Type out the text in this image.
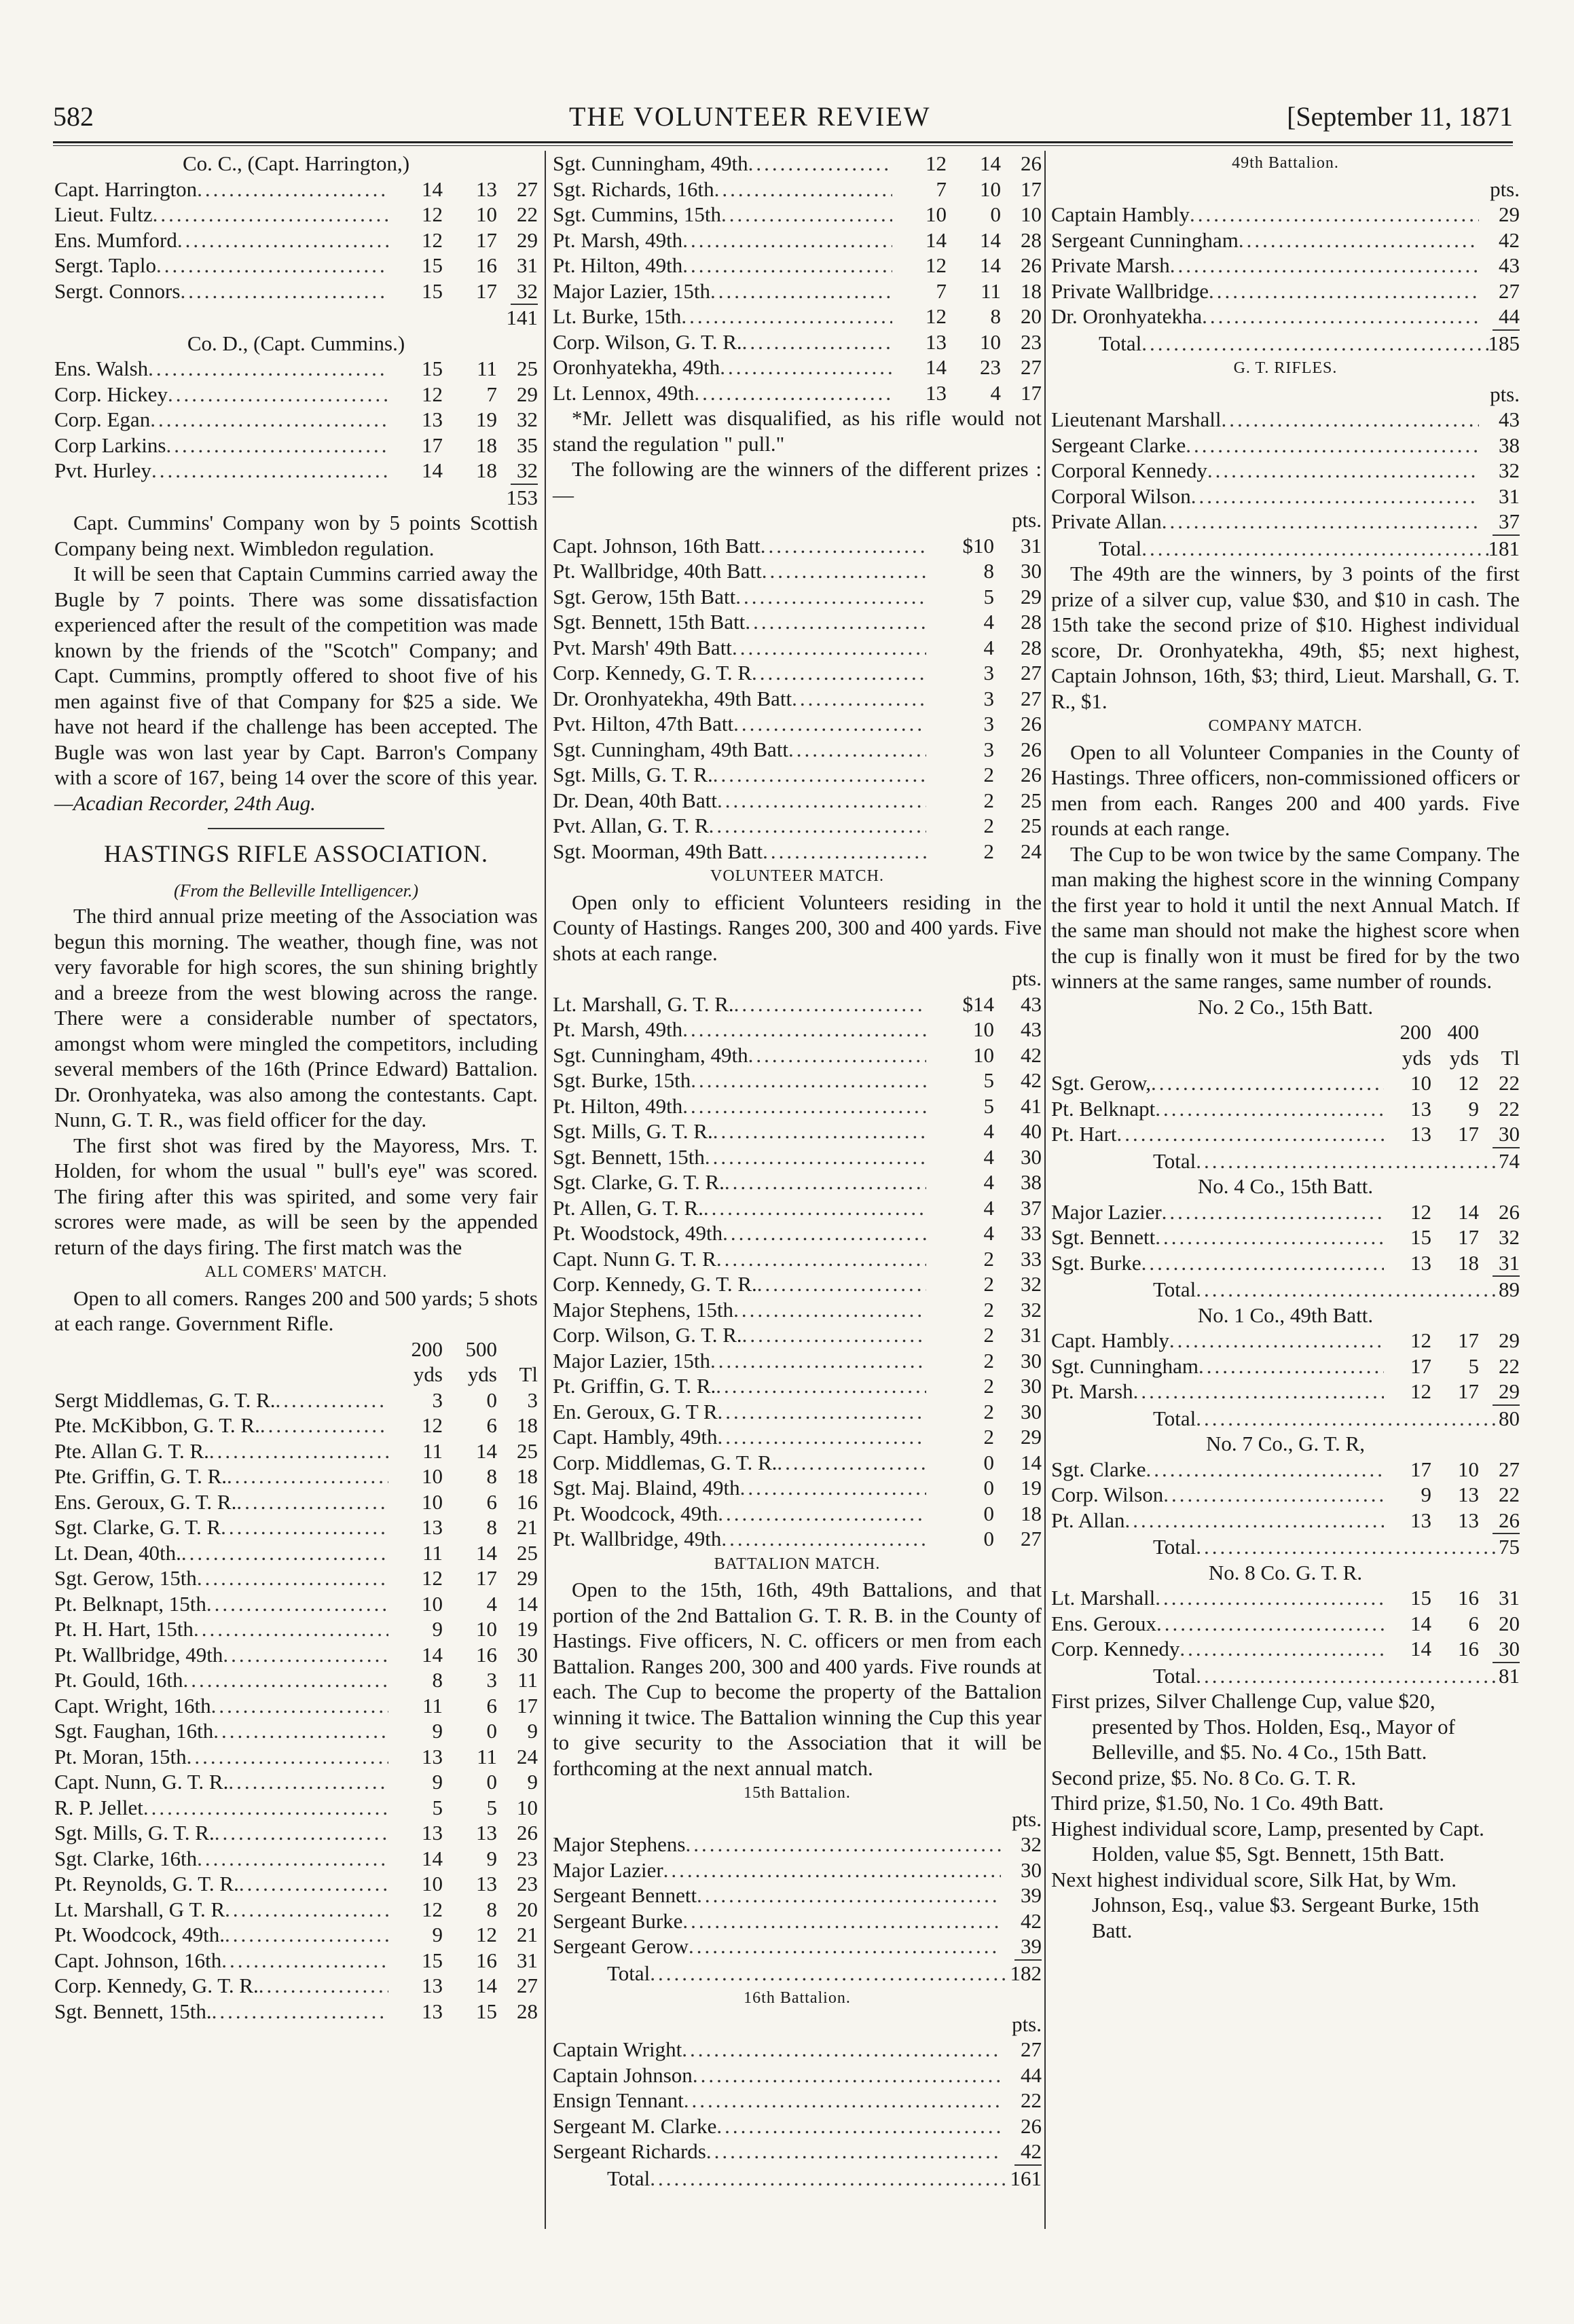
582	THE VOLUNTEER REVIEW	[September 11, 1871
Co. C., (Capt. Harrington,)
Capt. Harrington .....	14	13 27
Lieut. Fultz .....	12	10 22
Ens. Mumford .....	12	17 29
Sergt. Taplo .....	15	16 31
Sergt. Connors .....	15	17 32
141
Co. D., (Capt. Cummins.)
Ens. Walsh .....	15	11 25
Corp. Hickey .....	12	7 29
Corp. Egan .....	13	19 32
Corp Larkins .....	17	18 35
Pvt. Hurley .....	14	18 32
153
Capt. Cummins' Company won by 5 points Scottish Company being next. Wimbledon regulation.
It will be seen that Captain Cummins carried away the Bugle by 7 points. There was some dissatisfaction experienced after the result of the competition was made known by the friends of the "Scotch" Company; and Capt. Cummins, promptly offered to shoot five of his men against five of that Company for $25 a side. We have not heard if the challenge has been accepted. The Bugle was won last year by Capt. Barron's Company with a score of 167, being 14 over the score of this year.—Acadian Recorder, 24th Aug.
HASTINGS RIFLE ASSOCIATION.
(From the Belleville Intelligencer.)
The third annual prize meeting of the Association was begun this morning. The weather, though fine, was not very favorable for high scores, the sun shining brightly and a breeze from the west blowing across the range. There were a considerable number of spectators, amongst whom were mingled the competitors, including several members of the 16th (Prince Edward) Battalion. Dr. Oronhyateka, was also among the contestants. Capt. Nunn, G. T. R., was field officer for the day.
The first shot was fired by the Mayoress, Mrs. T. Holden, for whom the usual " bull's eye" was scored. The firing after this was spirited, and some very fair scrores were made, as will be seen by the appended return of the days firing. The first match was the
ALL COMERS' MATCH.
Open to all comers. Ranges 200 and 500 yards; 5 shots at each range. Government Rifle.
200	500
yds	yds	Tl
Sergt Middlemas, G. T. R. .....	3	0	3
Pte. McKibbon, G. T. R. .....	12	6 18
Pte. Allan G. T. R. .....	11	14 25
Pte. Griffin, G. T. R. .....	10	8 18
Ens. Geroux, G. T. R. .....	10	6 16
Sgt. Clarke, G. T. R .....	13	8 21
Lt. Dean, 40th. .....	11	14 25
Sgt. Gerow, 15th .....	12	17 29
Pt. Belknapt, 15th .....	10	4 14
Pt. H. Hart, 15th .....	9	10 19
Pt. Wallbridge, 49th .....	14	16 30
Pt. Gould, 16th .....	8	3 11
Capt. Wright, 16th .....	11	6 17
Sgt. Faughan, 16th .....	9	0	9
Pt. Moran, 15th .....	13	11 24
Capt. Nunn, G. T. R. .....	9	0	9
R. P. Jellet .....	5	5 10
Sgt. Mills, G. T. R. .....	13	13 26
Sgt. Clarke, 16th .....	14	9 23
Pt. Reynolds, G. T. R. .....	10	13 23
Lt. Marshall, G T. R .....	12	8 20
Pt. Woodcock, 49th. .....	9	12 21
Capt. Johnson, 16th .....	15	16 31
Corp. Kennedy, G. T. R. .....	13	14 27
Sgt. Bennett, 15th. .....	13	15 28
Sgt. Cunningham, 49th .....	12	14 26
Sgt. Richards, 16th .....	7	10 17
Sgt. Cummins, 15th .....	10	0 10
Pt. Marsh, 49th .....	14	14 28
Pt. Hilton, 49th .....	12	14 26
Major Lazier, 15th .....	7	11 18
Lt. Burke, 15th .....	12	8 20
Corp. Wilson, G. T. R. .....	13	10 23
Oronhyatekha, 49th .....	14	23 27
Lt. Lennox, 49th .....	13	4 17
*Mr. Jellett was disqualified, as his rifle would not stand the regulation " pull."
The following are the winners of the different prizes :—
pts.
Capt. Johnson, 16th Batt .....	$10	31
Pt. Wallbridge, 40th Batt .....	8	30
Sgt. Gerow, 15th Batt .....	5	29
Sgt. Bennett, 15th Batt .....	4	28
Pvt. Marsh' 49th Batt .....	4	28
Corp. Kennedy, G. T. R .....	3	27
Dr. Oronhyatekha, 49th Batt .....	3	27
Pvt. Hilton, 47th Batt .....	3	26
Sgt. Cunningham, 49th Batt .....	3	26
Sgt. Mills, G. T. R. .....	2	26
Dr. Dean, 40th Batt .....	2	25
Pvt. Allan, G. T. R .....	2	25
Sgt. Moorman, 49th Batt .....	2	24
VOLUNTEER MATCH.
Open only to efficient Volunteers residing in the County of Hastings. Ranges 200, 300 and 400 yards. Five shots at each range.
pts.
Lt. Marshall, G. T. R. .....	$14	43
Pt. Marsh, 49th .....	10	43
Sgt. Cunningham, 49th .....	10	42
Sgt. Burke, 15th .....	5	42
Pt. Hilton, 49th .....	5	41
Sgt. Mills, G. T. R. .....	4	40
Sgt. Bennett, 15th .....	4	30
Sgt. Clarke, G. T. R. .....	4	38
Pt. Allen, G. T. R. .....	4	37
Pt. Woodstock, 49th .....	4	33
Capt. Nunn G. T. R .....	2	33
Corp. Kennedy, G. T. R. .....	2	32
Major Stephens, 15th .....	2	32
Corp. Wilson, G. T. R. .....	2	31
Major Lazier, 15th .....	2	30
Pt. Griffin, G. T. R. .....	2	30
En. Geroux, G. T R .....	2	30
Capt. Hambly, 49th .....	2	29
Corp. Middlemas, G. T. R. .....	0	14
Sgt. Maj. Blaind, 49th .....	0	19
Pt. Woodcock, 49th .....	0	18
Pt. Wallbridge, 49th .....	0	27
BATTALION MATCH.
Open to the 15th, 16th, 49th Battalions, and that portion of the 2nd Battalion G. T. R. B. in the County of Hastings. Five officers, N. C. officers or men from each Battalion. Ranges 200, 300 and 400 yards. Five rounds at each. The Cup to become the property of the Battalion winning it twice. The Battalion winning the Cup this year to give security to the Association that it will be forthcoming at the next annual match.
15th Battalion.
pts.
Major Stephens .....	32
Major Lazier .....	30
Sergeant Bennett .....	39
Sergeant Burke .....	42
Sergeant Gerow .....	39
Total .....	182
16th Battalion.
pts.
Captain Wright .....	27
Captain Johnson .....	44
Ensign Tennant .....	22
Sergeant M. Clarke .....	26
Sergeant Richards .....	42
Total .....	161
49th Battalion.
pts.
Captain Hambly .....	29
Sergeant Cunningham .....	42
Private Marsh .....	43
Private Wallbridge .....	27
Dr. Oronhyatekha .....	44
Total .....	185
G. T. RIFLES.
pts.
Lieutenant Marshall .....	43
Sergeant Clarke .....	38
Corporal Kennedy .....	32
Corporal Wilson .....	31
Private Allan .....	37
Total .....	181
The 49th are the winners, by 3 points of the first prize of a silver cup, value $30, and $10 in cash. The 15th take the second prize of $10. Highest individual score, Dr. Oronhyatekha, 49th, $5; next highest, Captain Johnson, 16th, $3; third, Lieut. Marshall, G. T. R., $1.
COMPANY MATCH.
Open to all Volunteer Companies in the County of Hastings. Three officers, non-commissioned officers or men from each. Ranges 200 and 400 yards. Five rounds at each range.
The Cup to be won twice by the same Company. The man making the highest score in the winning Company the first year to hold it until the next Annual Match. If the same man should not make the highest score when the cup is finally won it must be fired for by the two winners at the same ranges, same number of rounds.
No. 2 Co., 15th Batt.
200 400
yds yds	Tl
Sgt. Gerow, .....	10	12 22
Pt. Belknapt .....	13	9 22
Pt. Hart .....	13	17 30
Total .....	74
No. 4 Co., 15th Batt.
Major Lazier .....	12	14 26
Sgt. Bennett .....	15	17 32
Sgt. Burke .....	13	18 31
Total .....	89
No. 1 Co., 49th Batt.
Capt. Hambly .....	12	17 29
Sgt. Cunningham .....	17	5 22
Pt. Marsh .....	12	17 29
Total .....	80
No. 7 Co., G. T. R,
Sgt. Clarke .....	17	10 27
Corp. Wilson .....	9	13 22
Pt. Allan .....	13	13 26
Total .....	75
No. 8 Co. G. T. R.
Lt. Marshall .....	15	16 31
Ens. Geroux .....	14	6 20
Corp. Kennedy .....	14	16 30
Total .....	81
First prizes, Silver Challenge Cup, value $20, presented by Thos. Holden, Esq., Mayor of Belleville, and $5. No. 4 Co., 15th Batt.
Second prize, $5. No. 8 Co. G. T. R.
Third prize, $1.50, No. 1 Co. 49th Batt.
Highest individual score, Lamp, presented by Capt. Holden, value $5, Sgt. Bennett, 15th Batt.
Next highest individual score, Silk Hat, by Wm. Johnson, Esq., value $3. Sergeant Burke, 15th Batt.
